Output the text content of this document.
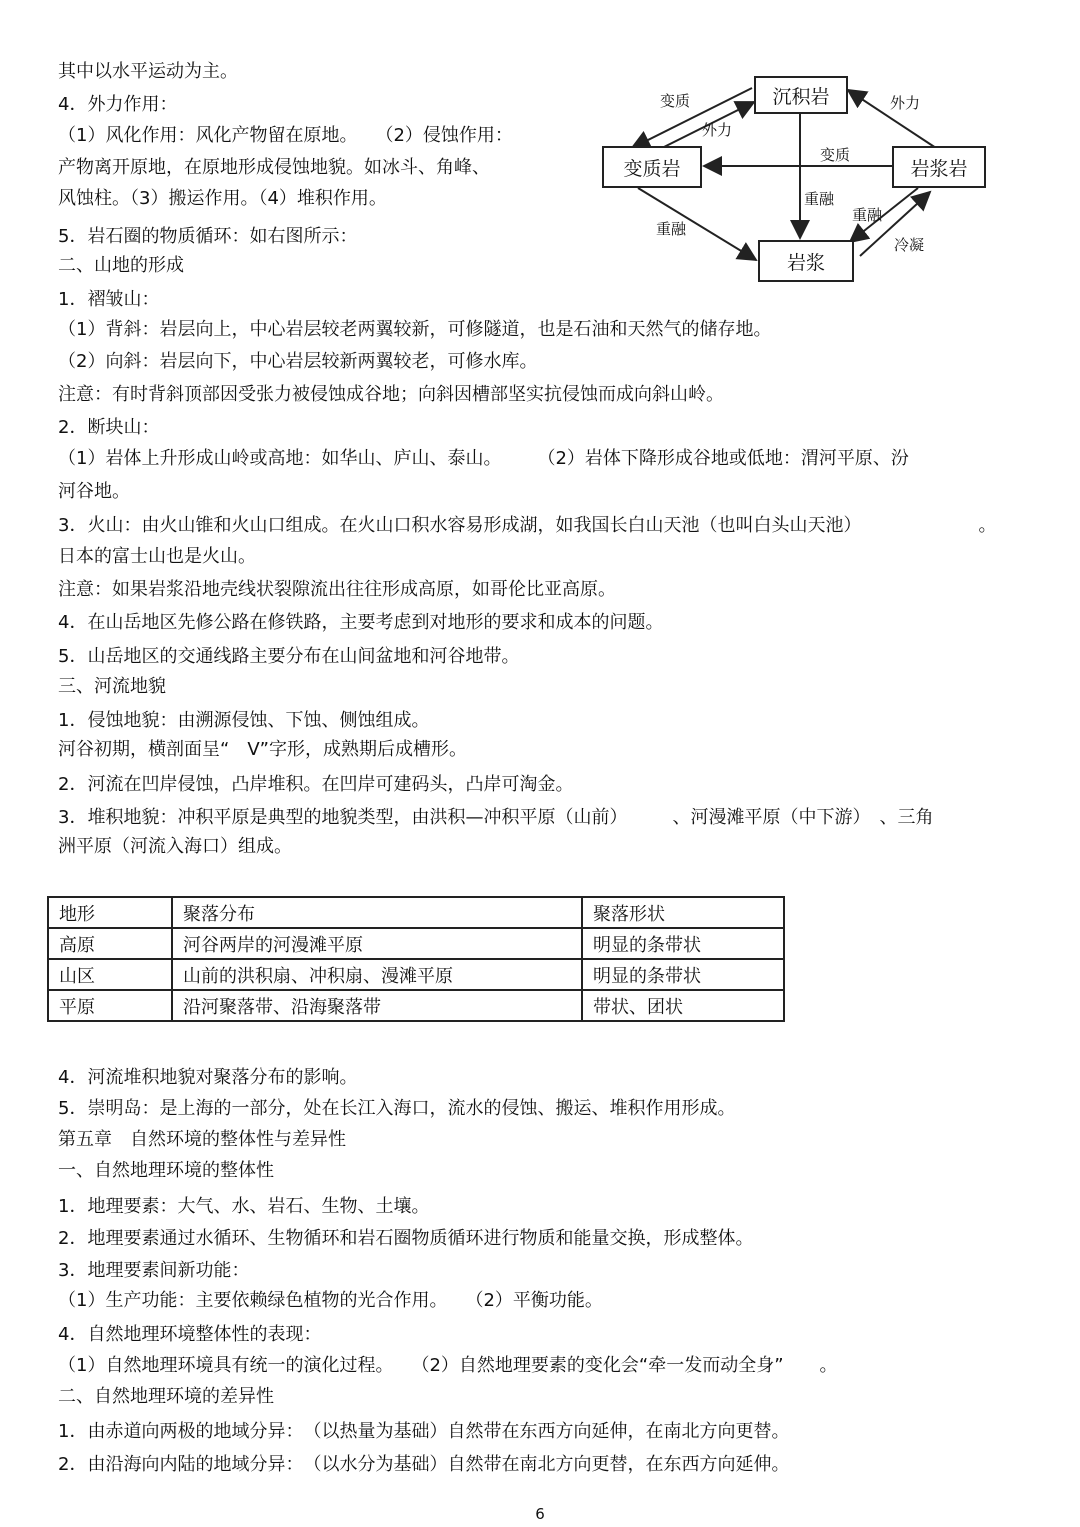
其中以水平运动为主。
4．外力作用：
（1）风化作用：风化产物留在原地。　　（2）侵蚀作用：
产物离开原地，在原地形成侵蚀地貌。如冰斗、角峰、
风蚀柱。（3）搬运作用。（4）堆积作用。
5．岩石圈的物质循环：如右图所示：
二、山地的形成
1．褶皱山：
（1）背斜：岩层向上，中心岩层较老两翼较新，可修隧道，也是石油和天然气的储存地。
（2）向斜：岩层向下，中心岩层较新两翼较老，可修水库。
注意：有时背斜顶部因受张力被侵蚀成谷地；向斜因槽部坚实抗侵蚀而成向斜山岭。
2．断块山：
（1）岩体上升形成山岭或高地：如华山、庐山、泰山。　　　（2）岩体下降形成谷地或低地：渭河平原、汾
河谷地。
3．火山：由火山锥和火山口组成。在火山口积水容易形成湖，如我国长白山天池（也叫白头山天池）　　　　　　　。
日本的富士山也是火山。
注意：如果岩浆沿地壳线状裂隙流出往往形成高原，如哥伦比亚高原。
4．在山岳地区先修公路在修铁路，主要考虑到对地形的要求和成本的问题。
5．山岳地区的交通线路主要分布在山间盆地和河谷地带。
三、河流地貌
1．侵蚀地貌：由溯源侵蚀、下蚀、侧蚀组成。
河谷初期，横剖面呈“　V”字形，成熟期后成槽形。
2．河流在凹岸侵蚀，凸岸堆积。在凹岸可建码头，凸岸可淘金。
3．堆积地貌：冲积平原是典型的地貌类型，由洪积—冲积平原（山前）　　　、河漫滩平原（中下游）　、三角
洲平原（河流入海口）组成。
沉积岩
变质岩	岩浆岩
岩浆
变质	外力
外力
变质
重融
重融
重融
冷凝
地形	聚落分布	聚落形状
高原	河谷两岸的河漫滩平原	明显的条带状
山区	山前的洪积扇、冲积扇、漫滩平原	明显的条带状
平原	沿河聚落带、沿海聚落带	带状、团状
4．河流堆积地貌对聚落分布的影响。
5．崇明岛：是上海的一部分，处在长江入海口，流水的侵蚀、搬运、堆积作用形成。
第五章　自然环境的整体性与差异性
一、自然地理环境的整体性
1．地理要素：大气、水、岩石、生物、土壤。
2．地理要素通过水循环、生物循环和岩石圈物质循环进行物质和能量交换，形成整体。
3．地理要素间新功能：
（1）生产功能：主要依赖绿色植物的光合作用。　　（2）平衡功能。
4．自然地理环境整体性的表现：
（1）自然地理环境具有统一的演化过程。　　（2）自然地理要素的变化会“牵一发而动全身”　　。
二、自然地理环境的差异性
1．由赤道向两极的地域分异：　（以热量为基础）自然带在东西方向延伸，在南北方向更替。
2．由沿海向内陆的地域分异：　（以水分为基础）自然带在南北方向更替，在东西方向延伸。
6
